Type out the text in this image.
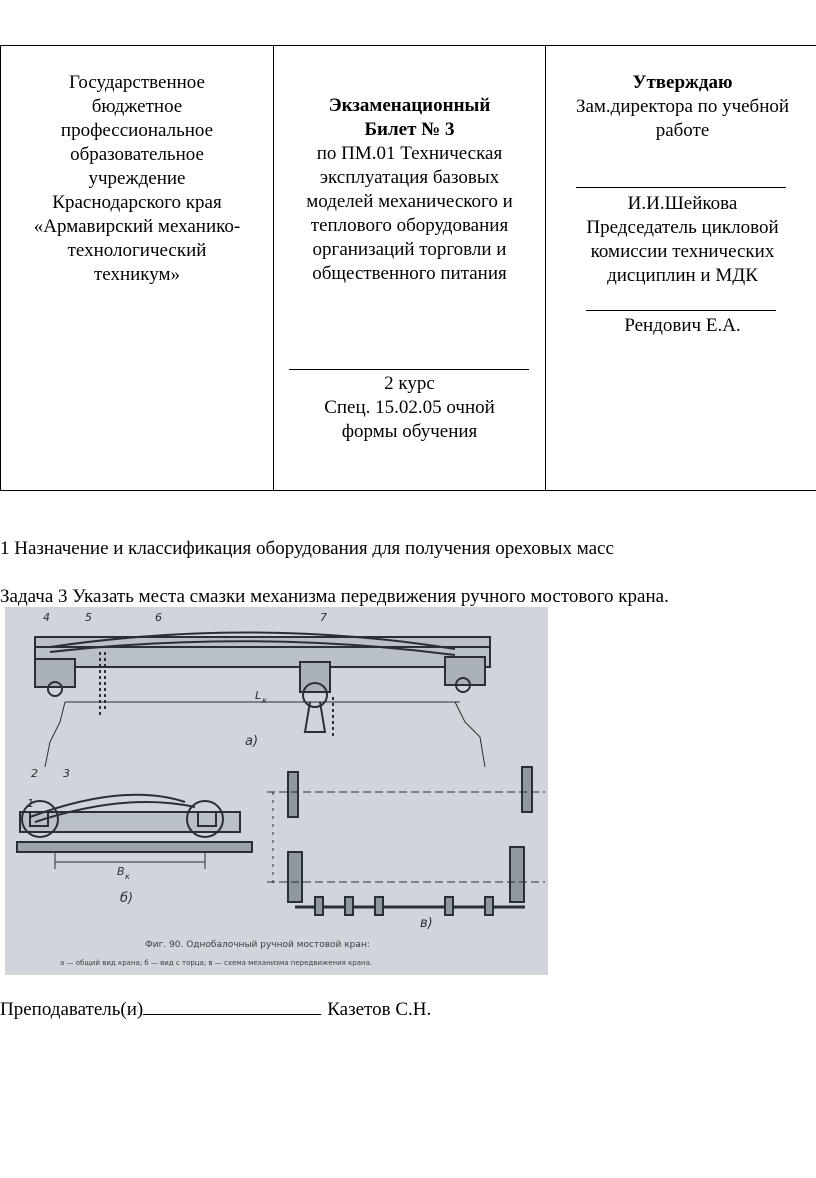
Государственное
бюджетное
профессиональное
образовательное
учреждение
Краснодарского края
«Армавирский механико-
технологический
техникум»

Экзаменационный
Билет № 3
по ПМ.01 Техническая
эксплуатация базовых
моделей механического и
теплового оборудования
организаций торговли и
общественного питания
2 курс
Спец. 15.02.05 очной
формы обучения

Утверждаю
Зам.директора по учебной
работе
И.И.Шейкова
Председатель цикловой
комиссии технических
дисциплин и МДК
Рендович Е.А.
1 Назначение и классификация оборудования для получения ореховых масс
Задача 3 Указать места смазки механизма передвижения ручного мостового крана.
4	5	6	7
1
2 3
L к
B к
а)
б)
в)
Фиг. 90. Однобалочный ручной мостовой кран:
а — общий вид крана; б — вид с торца; в — схема механизма передвижения крана.
Преподаватель(и)	Казетов С.Н.
